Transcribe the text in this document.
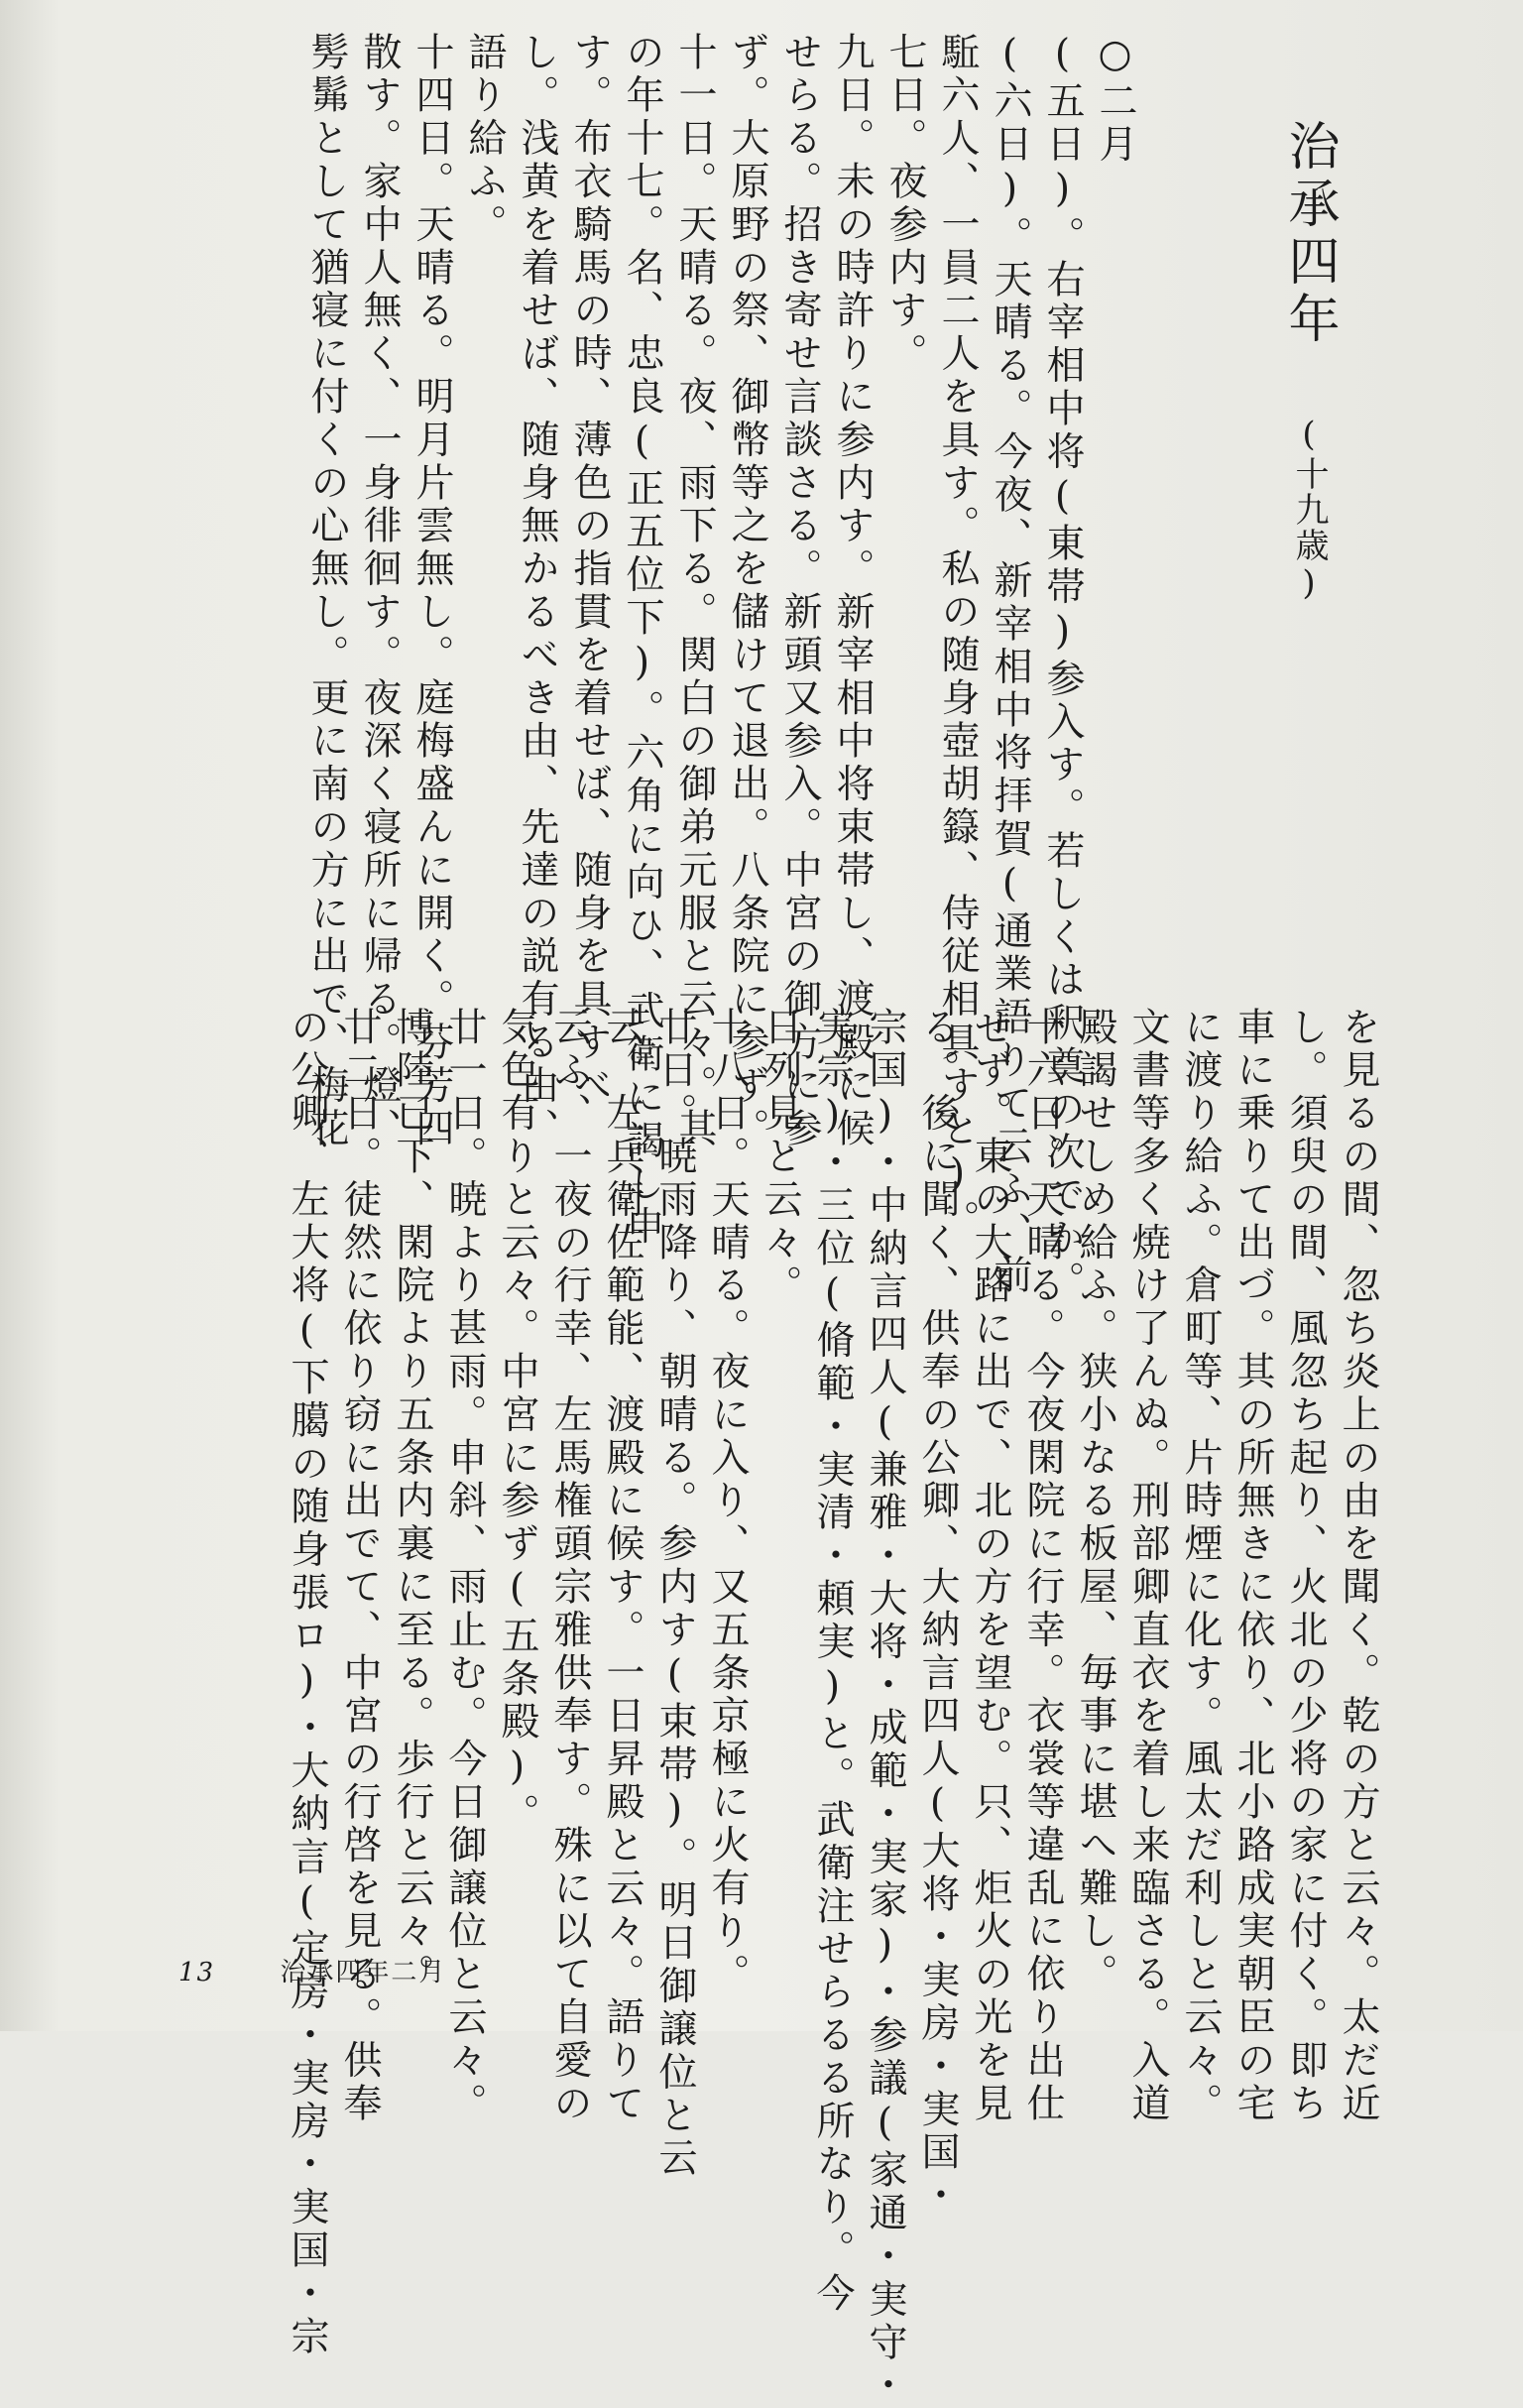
治承四年 (十九歳)
○二月
(五日)。右宰相中将(東帯)参入す。若しくは釈奠の次でか。
(六日)。天晴る。今夜、新宰相中将拝賀(通業語りて云ふ、前
駈六人、一員二人を具す。私の随身壺胡籙、侍従相具すと)。
七日。夜参内す。
九日。未の時許りに参内す。新宰相中将束帯し、渡殿に候
せらる。招き寄せ言談さる。新頭又参入。中宮の御方に参
ず。大原野の祭、御幣等之を儲けて退出。八条院に参ず。
十一日。天晴る。夜、雨下る。関白の御弟元服と云々。其
の年十七。名、忠良(正五位下)。六角に向ひ、武衛に謁し申
す。布衣騎馬の時、薄色の指貫を着せば、随身を具すべ
し。浅黄を着せば、随身無かるべき由、先達の説有る由、
語り給ふ。
十四日。天晴る。明月片雲無し。庭梅盛んに開く。芬芳四
散す。家中人無く、一身徘徊す。夜深く寝所に帰る。燈、
髣髴として猶寝に付くの心無し。更に南の方に出で、梅花
を見るの間、忽ち炎上の由を聞く。乾の方と云々。太だ近
し。須臾の間、風忽ち起り、火北の少将の家に付く。即ち
車に乗りて出づ。其の所無きに依り、北小路成実朝臣の宅
に渡り給ふ。倉町等、片時煙に化す。風太だ利しと云々。
文書等多く焼け了んぬ。刑部卿直衣を着し来臨さる。入道
殿謁せしめ給ふ。狭小なる板屋、毎事に堪へ難し。
十六日。天晴る。今夜閑院に行幸。衣裳等違乱に依り出仕
せず。東の大路に出で、北の方を望む。只、炬火の光を見
る。後に聞く、供奉の公卿、大納言四人(大将・実房・実国・
宗国)・中納言四人(兼雅・大将・成範・実家)・参議(家通・実守・
実宗)・三位(脩範・実清・頼実)と。武衛注せらるる所なり。今
日列見と云々。
十八日。天晴る。夜に入り、又五条京極に火有り。
廿日。暁雨降り、朝晴る。参内す(束帯)。明日御譲位と云
云。左兵衛佐範能、渡殿に候す。一日昇殿と云々。語りて
云ふ、一夜の行幸、左馬権頭宗雅供奉す。殊に以て自愛の
気色有りと云々。中宮に参ず(五条殿)。
廿一日。暁より甚雨。申斜、雨止む。今日御譲位と云々。
博陸已下、閑院より五条内裏に至る。歩行と云々。
廿二日。徒然に依り窃に出でて、中宮の行啓を見る。供奉
の公卿、左大将(下臈の随身張ロ)・大納言(定房・実房・実国・宗
13	治承四年二月
